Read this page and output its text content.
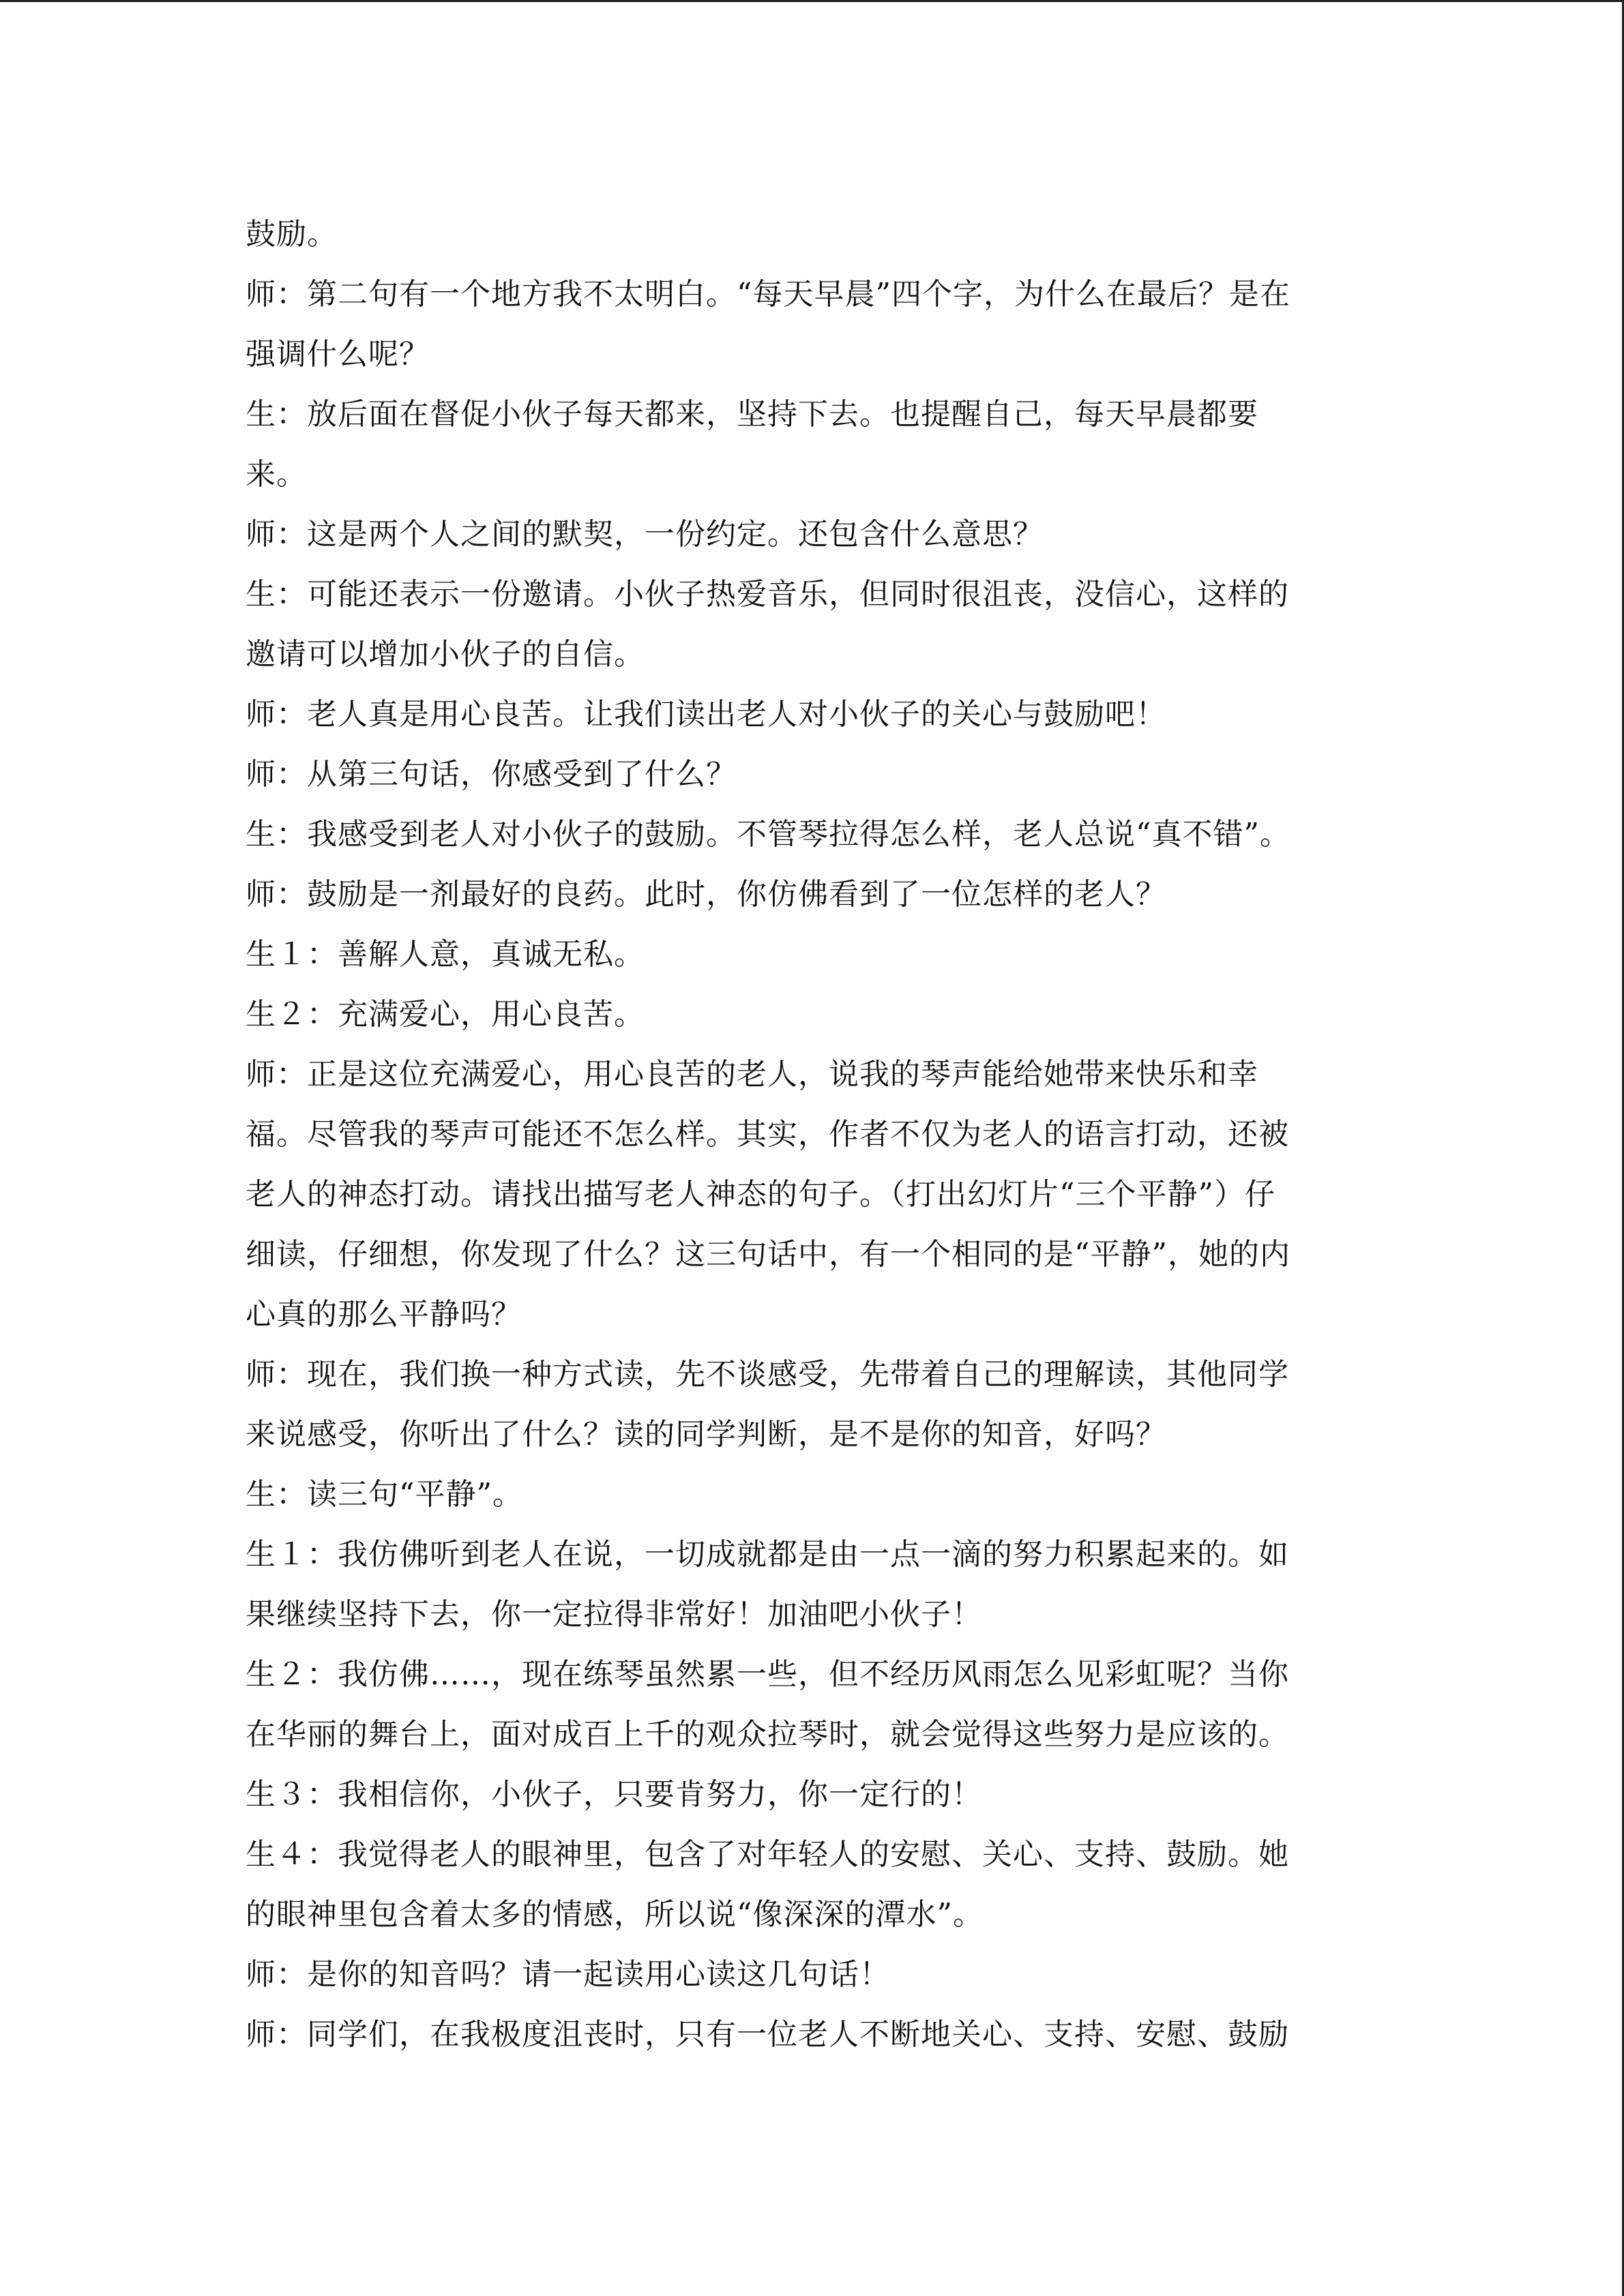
鼓励。
师：第二句有一个地方我不太明白。“每天早晨”四个字，为什么在最后？是在
强调什么呢？
生：放后面在督促小伙子每天都来，坚持下去。也提醒自己，每天早晨都要
来。
师：这是两个人之间的默契，一份约定。还包含什么意思？
生：可能还表示一份邀请。小伙子热爱音乐，但同时很沮丧，没信心，这样的
邀请可以增加小伙子的自信。
师：老人真是用心良苦。让我们读出老人对小伙子的关心与鼓励吧！
师：从第三句话，你感受到了什么？
生：我感受到老人对小伙子的鼓励。不管琴拉得怎么样，老人总说“真不错”。
师：鼓励是一剂最好的良药。此时，你仿佛看到了一位怎样的老人？
生１：善解人意，真诚无私。
生２：充满爱心，用心良苦。
师：正是这位充满爱心，用心良苦的老人，说我的琴声能给她带来快乐和幸
福。尽管我的琴声可能还不怎么样。其实，作者不仅为老人的语言打动，还被
老人的神态打动。请找出描写老人神态的句子。（打出幻灯片“三个平静”）仔
细读，仔细想，你发现了什么？这三句话中，有一个相同的是“平静”，她的内
心真的那么平静吗？
师：现在，我们换一种方式读，先不谈感受，先带着自己的理解读，其他同学
来说感受，你听出了什么？读的同学判断，是不是你的知音，好吗？
生：读三句“平静”。
生１：我仿佛听到老人在说，一切成就都是由一点一滴的努力积累起来的。如
果继续坚持下去，你一定拉得非常好！加油吧小伙子！
生２：我仿佛……，现在练琴虽然累一些，但不经历风雨怎么见彩虹呢？当你
在华丽的舞台上，面对成百上千的观众拉琴时，就会觉得这些努力是应该的。
生３：我相信你，小伙子，只要肯努力，你一定行的！
生４：我觉得老人的眼神里，包含了对年轻人的安慰、关心、支持、鼓励。她
的眼神里包含着太多的情感，所以说“像深深的潭水”。
师：是你的知音吗？请一起读用心读这几句话！
师：同学们，在我极度沮丧时，只有一位老人不断地关心、支持、安慰、鼓励
